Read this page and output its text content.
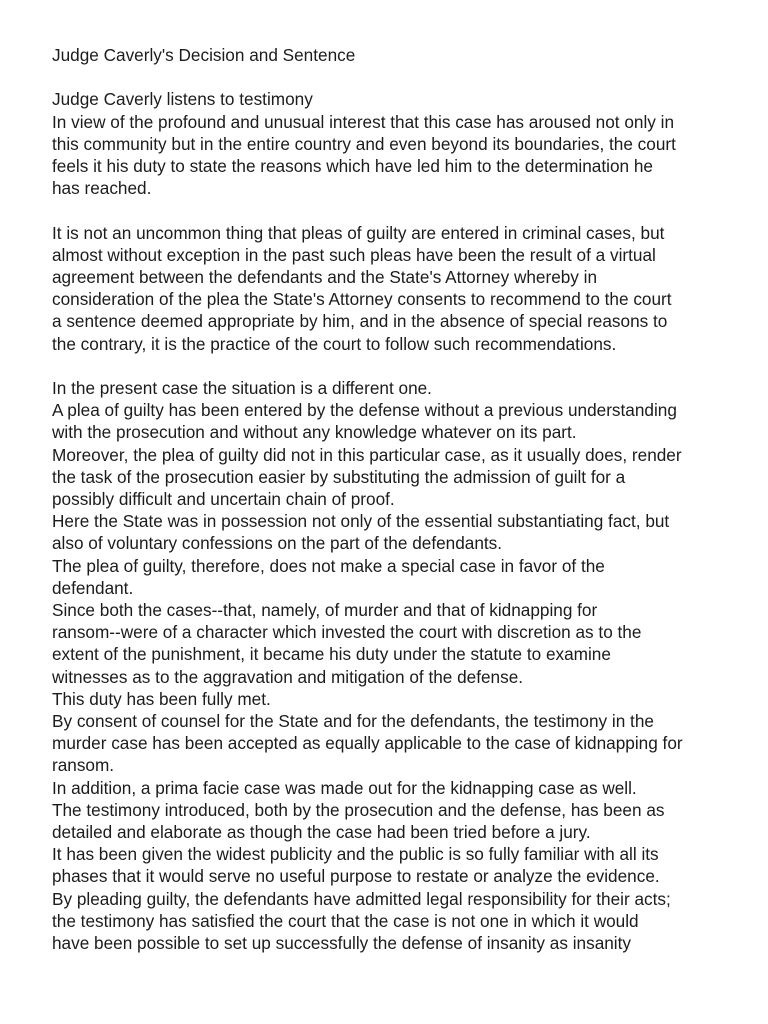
Judge Caverly's Decision and Sentence

Judge Caverly listens to testimony

In view of the profound and unusual interest that this case has aroused not only in

this community but in the entire country and even beyond its boundaries, the court

feels it his duty to state the reasons which have led him to the determination he

has reached.

It is not an uncommon thing that pleas of guilty are entered in criminal cases, but

almost without exception in the past such pleas have been the result of a virtual

agreement between the defendants and the State's Attorney whereby in

consideration of the plea the State's Attorney consents to recommend to the court

a sentence deemed appropriate by him, and in the absence of special reasons to

the contrary, it is the practice of the court to follow such recommendations.

In the present case the situation is a different one.

A plea of guilty has been entered by the defense without a previous understanding

with the prosecution and without any knowledge whatever on its part.

Moreover, the plea of guilty did not in this particular case, as it usually does, render

the task of the prosecution easier by substituting the admission of guilt for a

possibly difficult and uncertain chain of proof.

Here the State was in possession not only of the essential substantiating fact, but

also of voluntary confessions on the part of the defendants.

The plea of guilty, therefore, does not make a special case in favor of the

defendant.

Since both the cases--that, namely, of murder and that of kidnapping for

ransom--were of a character which invested the court with discretion as to the

extent of the punishment, it became his duty under the statute to examine

witnesses as to the aggravation and mitigation of the defense.

This duty has been fully met.

By consent of counsel for the State and for the defendants, the testimony in the

murder case has been accepted as equally applicable to the case of kidnapping for

ransom.

In addition, a prima facie case was made out for the kidnapping case as well.

The testimony introduced, both by the prosecution and the defense, has been as

detailed and elaborate as though the case had been tried before a jury.

It has been given the widest publicity and the public is so fully familiar with all its

phases that it would serve no useful purpose to restate or analyze the evidence.

By pleading guilty, the defendants have admitted legal responsibility for their acts;

the testimony has satisfied the court that the case is not one in which it would

have been possible to set up successfully the defense of insanity as insanity
